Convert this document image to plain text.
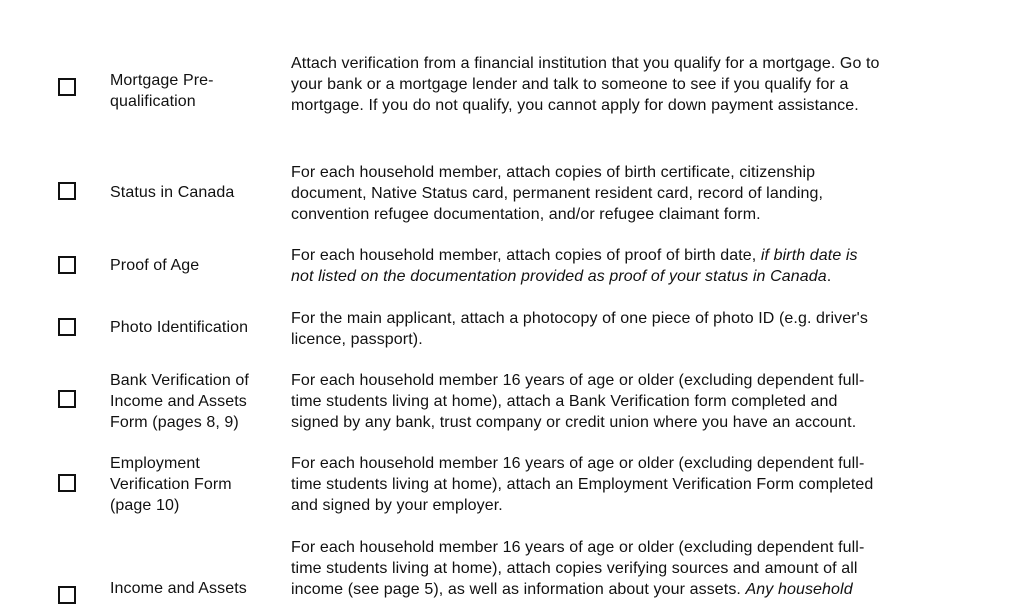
Mortgage Pre-
qualification
Attach verification from a financial institution that you qualify for a mortgage. Go to
your bank or a mortgage lender and talk to someone to see if you qualify for a
mortgage. If you do not qualify, you cannot apply for down payment assistance.
Status in Canada
For each household member, attach copies of birth certificate, citizenship
document, Native Status card, permanent resident card, record of landing,
convention refugee documentation, and/or refugee claimant form.
Proof of Age
For each household member, attach copies of proof of birth date, if birth date is
not listed on the documentation provided as proof of your status in Canada.
Photo Identification
For the main applicant, attach a photocopy of one piece of photo ID (e.g. driver's
licence, passport).
Bank Verification of
Income and Assets
Form (pages 8, 9)
For each household member 16 years of age or older (excluding dependent full-
time students living at home), attach a Bank Verification form completed and
signed by any bank, trust company or credit union where you have an account.
Employment
Verification Form
(page 10)
For each household member 16 years of age or older (excluding dependent full-
time students living at home), attach an Employment Verification Form completed
and signed by your employer.
Income and Assets
For each household member 16 years of age or older (excluding dependent full-
time students living at home), attach copies verifying sources and amount of all
income (see page 5), as well as information about your assets. Any household
